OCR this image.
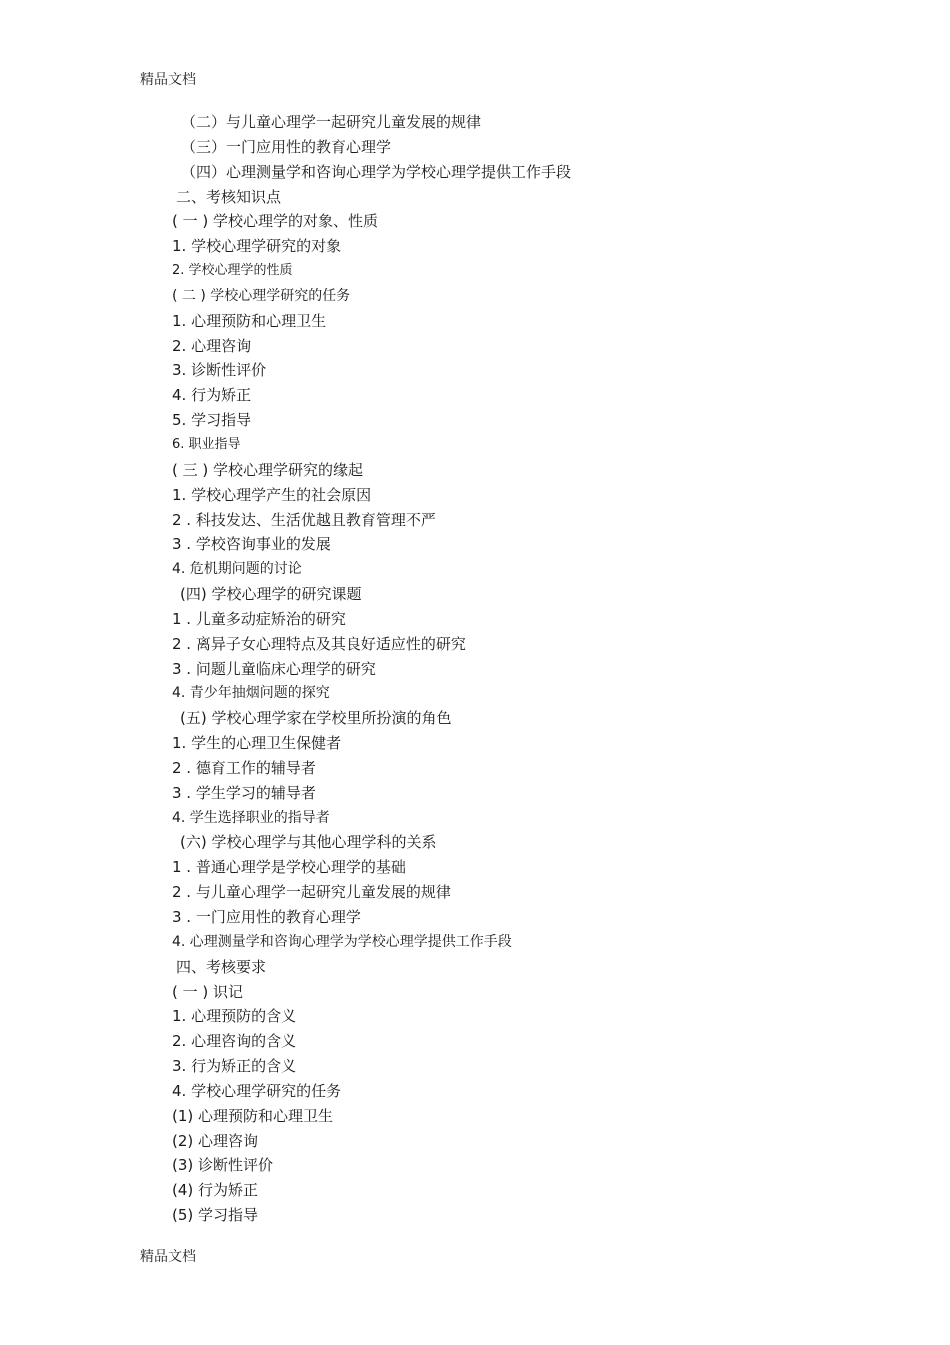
精品文档
（二）与儿童心理学一起研究儿童发展的规律
（三）一门应用性的教育心理学
（四）心理测量学和咨询心理学为学校心理学提供工作手段
二、考核知识点
( 一 ) 学校心理学的对象、性质
1. 学校心理学研究的对象
2. 学校心理学的性质
( 二 ) 学校心理学研究的任务
1. 心理预防和心理卫生
2. 心理咨询
3. 诊断性评价
4. 行为矫正
5. 学习指导
6. 职业指导
( 三 ) 学校心理学研究的缘起
1. 学校心理学产生的社会原因
2 . 科技发达、生活优越且教育管理不严
3 . 学校咨询事业的发展
4. 危机期问题的讨论
(四) 学校心理学的研究课题
1 . 儿童多动症矫治的研究
2 . 离异子女心理特点及其良好适应性的研究
3 . 问题儿童临床心理学的研究
4. 青少年抽烟问题的探究
(五) 学校心理学家在学校里所扮演的角色
1. 学生的心理卫生保健者
2 . 德育工作的辅导者
3 . 学生学习的辅导者
4. 学生选择职业的指导者
(六) 学校心理学与其他心理学科的关系
1 . 普通心理学是学校心理学的基础
2 . 与儿童心理学一起研究儿童发展的规律
3 . 一门应用性的教育心理学
4. 心理测量学和咨询心理学为学校心理学提供工作手段
四、考核要求
( 一 ) 识记
1. 心理预防的含义
2. 心理咨询的含义
3. 行为矫正的含义
4. 学校心理学研究的任务
(1) 心理预防和心理卫生
(2) 心理咨询
(3) 诊断性评价
(4) 行为矫正
(5) 学习指导
精品文档
